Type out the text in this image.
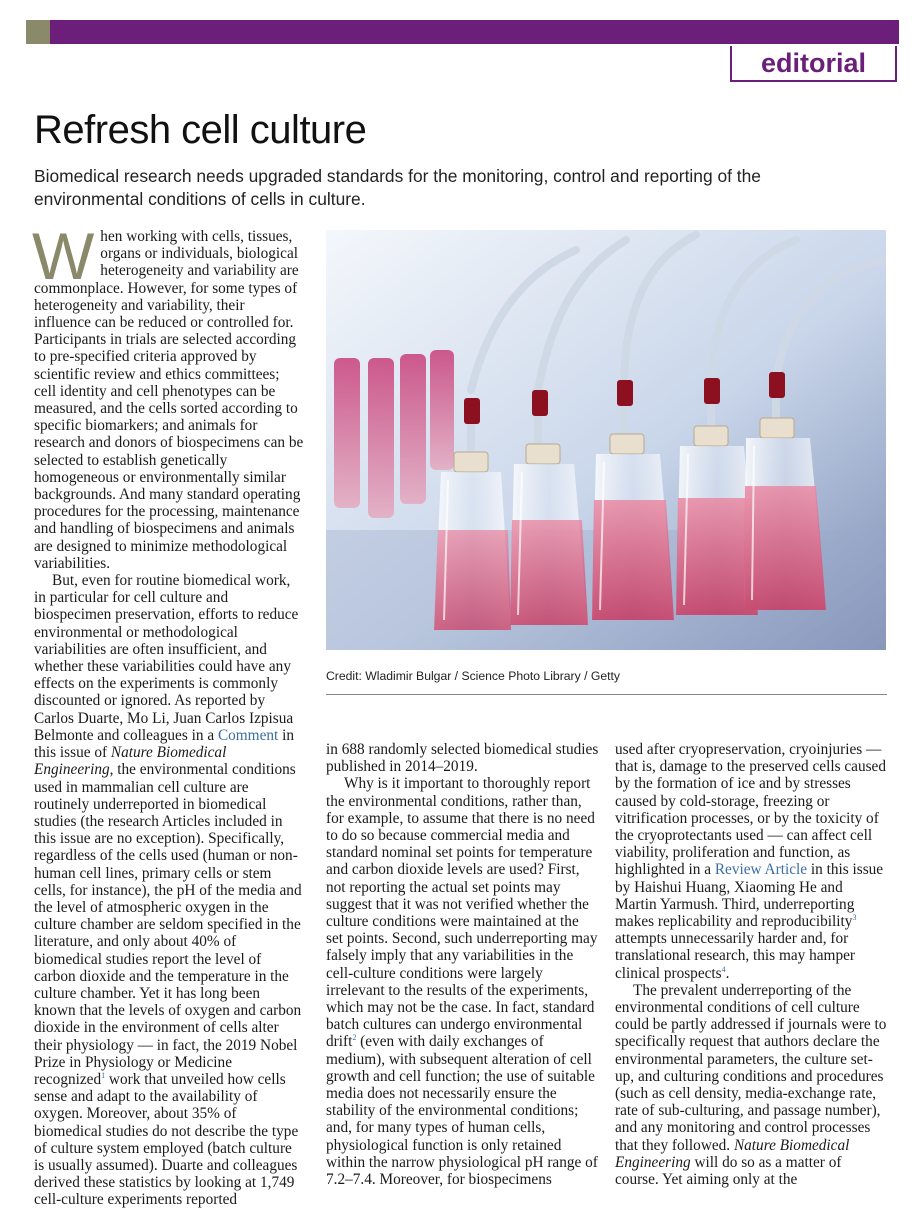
editorial
Refresh cell culture

Biomedical research needs upgraded standards for the monitoring, control and reporting of the environmental conditions of cells in culture.

When working with cells, tissues, organs or individuals, biological heterogeneity and variability are commonplace. However, for some types of heterogeneity and variability, their influence can be reduced or controlled for. Participants in trials are selected according to pre-specified criteria approved by scientific review and ethics committees; cell identity and cell phenotypes can be measured, and the cells sorted according to specific biomarkers; and animals for research and donors of biospecimens can be selected to establish genetically homogeneous or environmentally similar backgrounds. And many standard operating procedures for the processing, maintenance and handling of biospecimens and animals are designed to minimize methodological variabilities.

But, even for routine biomedical work, in particular for cell culture and biospecimen preservation, efforts to reduce environmental or methodological variabilities are often insufficient, and whether these variabilities could have any effects on the experiments is commonly discounted or ignored. As reported by Carlos Duarte, Mo Li, Juan Carlos Izpisua Belmonte and colleagues in a Comment in this issue of Nature Biomedical Engineering, the environmental conditions used in mammalian cell culture are routinely underreported in biomedical studies (the research Articles included in this issue are no exception). Specifically, regardless of the cells used (human or non-human cell lines, primary cells or stem cells, for instance), the pH of the media and the level of atmospheric oxygen in the culture chamber are seldom specified in the literature, and only about 40% of biomedical studies report the level of carbon dioxide and the temperature in the culture chamber. Yet it has long been known that the levels of oxygen and carbon dioxide in the environment of cells alter their physiology — in fact, the 2019 Nobel Prize in Physiology or Medicine recognized$^1$ work that unveiled how cells sense and adapt to the availability of oxygen. Moreover, about 35% of biomedical studies do not describe the type of culture system employed (batch culture is usually assumed). Duarte and colleagues derived these statistics by looking at 1,749 cell-culture experiments reported

Credit: Wladimir Bulgar / Science Photo Library / Getty

in 688 randomly selected biomedical studies published in 2014–2019.

Why is it important to thoroughly report the environmental conditions, rather than, for example, to assume that there is no need to do so because commercial media and standard nominal set points for temperature and carbon dioxide levels are used? First, not reporting the actual set points may suggest that it was not verified whether the culture conditions were maintained at the set points. Second, such underreporting may falsely imply that any variabilities in the cell-culture conditions were largely irrelevant to the results of the experiments, which may not be the case. In fact, standard batch cultures can undergo environmental drift$^2$ (even with daily exchanges of medium), with subsequent alteration of cell growth and cell function; the use of suitable media does not necessarily ensure the stability of the environmental conditions; and, for many types of human cells, physiological function is only retained within the narrow physiological pH range of 7.2–7.4. Moreover, for biospecimens

used after cryopreservation, cryoinjuries — that is, damage to the preserved cells caused by the formation of ice and by stresses caused by cold-storage, freezing or vitrification processes, or by the toxicity of the cryoprotectants used — can affect cell viability, proliferation and function, as highlighted in a Review Article in this issue by Haishui Huang, Xiaoming He and Martin Yarmush. Third, underreporting makes replicability and reproducibility$^3$ attempts unnecessarily harder and, for translational research, this may hamper clinical prospects$^4$.

The prevalent underreporting of the environmental conditions of cell culture could be partly addressed if journals were to specifically request that authors declare the environmental parameters, the culture set-up, and culturing conditions and procedures (such as cell density, media-exchange rate, rate of sub-culturing, and passage number), and any monitoring and control processes that they followed. Nature Biomedical Engineering will do so as a matter of course. Yet aiming only at the
